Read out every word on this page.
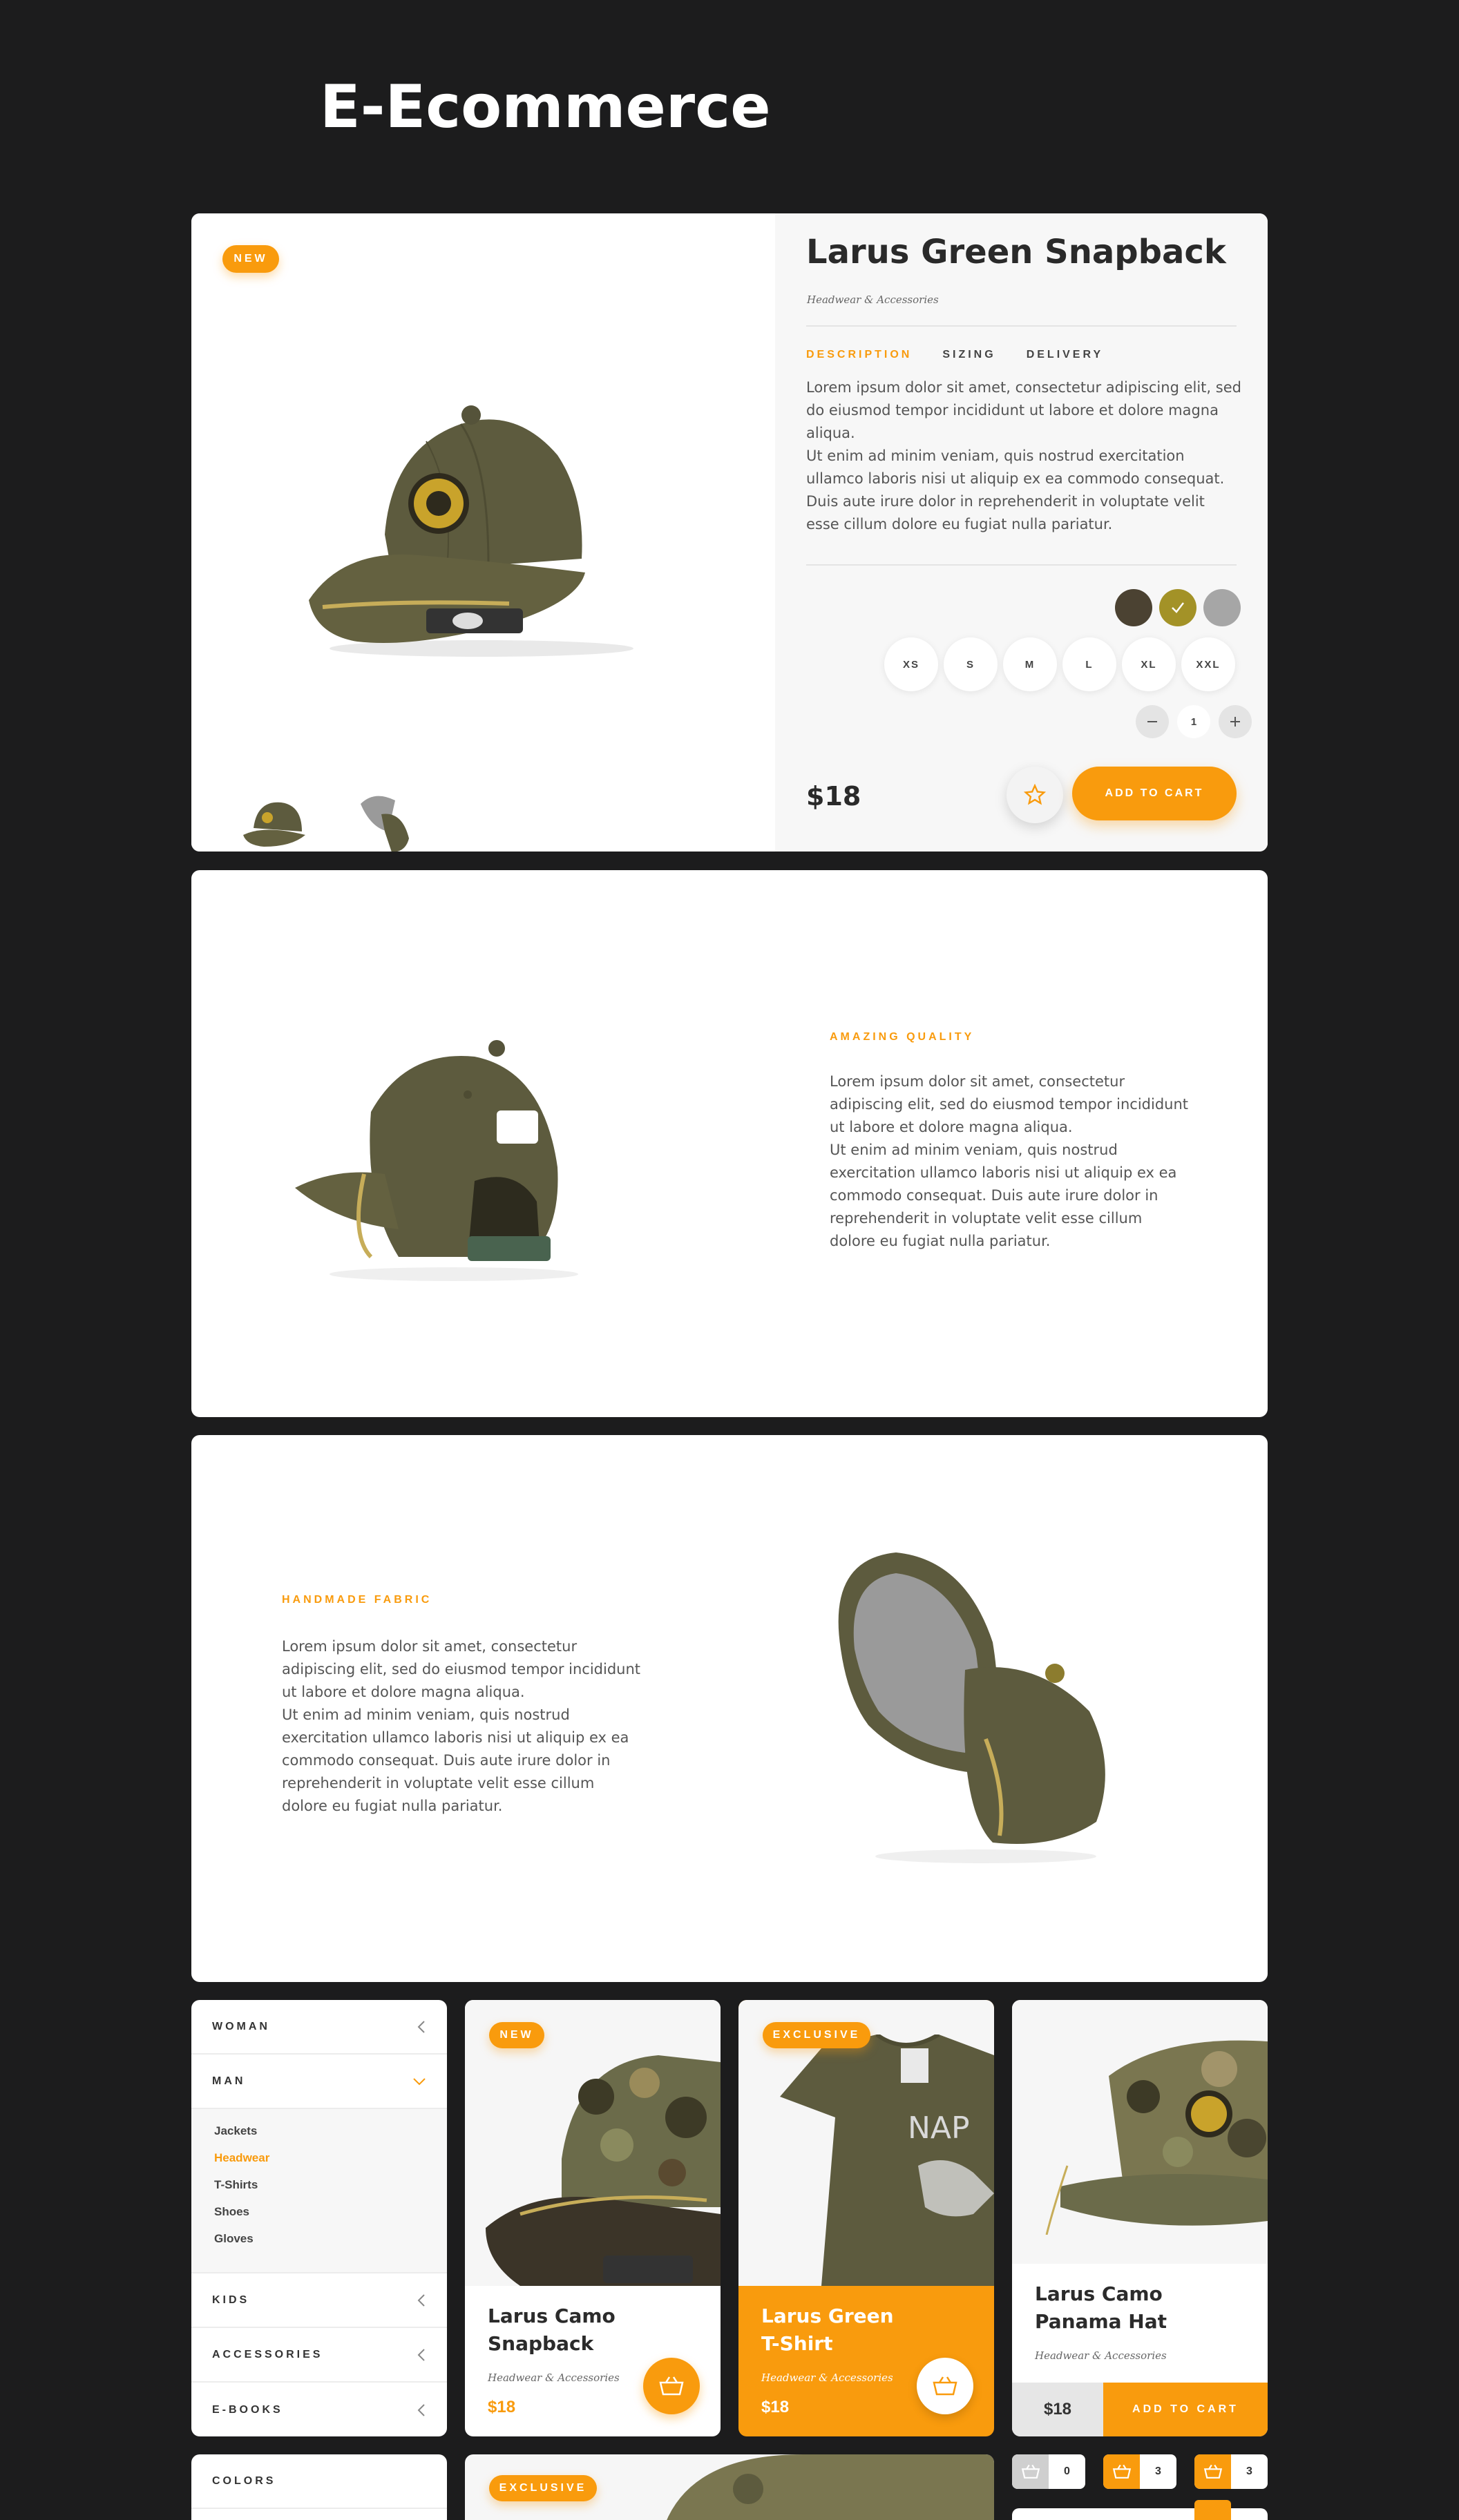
E-Ecommerce
NEW	Larus Green Snapback
Headwear & Accessories
DESCRIPTION	SIZING	DELIVERY
Lorem ipsum dolor sit amet, consectetur adipiscing elit, sed do eiusmod tempor incididunt ut labore et dolore magna aliqua.
Ut enim ad minim veniam, quis nostrud exercitation ullamco laboris nisi ut aliquip ex ea commodo consequat. Duis aute irure dolor in reprehenderit in voluptate velit esse cillum dolore eu fugiat nulla pariatur.
XS	S	M	L	XL	XXL
1
$18	ADD TO CART
AMAZING QUALITY
Lorem ipsum dolor sit amet, consectetur adipiscing elit, sed do eiusmod tempor incididunt ut labore et dolore magna aliqua.
Ut enim ad minim veniam, quis nostrud exercitation ullamco laboris nisi ut aliquip ex ea commodo consequat. Duis aute irure dolor in reprehenderit in voluptate velit esse cillum dolore eu fugiat nulla pariatur.
HANDMADE FABRIC
Lorem ipsum dolor sit amet, consectetur adipiscing elit, sed do eiusmod tempor incididunt ut labore et dolore magna aliqua.
Ut enim ad minim veniam, quis nostrud exercitation ullamco laboris nisi ut aliquip ex ea commodo consequat. Duis aute irure dolor in reprehenderit in voluptate velit esse cillum dolore eu fugiat nulla pariatur.
WOMAN
MAN
Jackets
Headwear
T-Shirts
Shoes
Gloves
KIDS
ACCESSORIES
E-BOOKS
NEW
Larus Camo
Snapback
Headwear & Accessories
$18
NAP
EXCLUSIVE
Larus Green
T-Shirt
Headwear & Accessories
$18
Larus Camo
Panama Hat
Headwear & Accessories
$18	ADD TO CART
COLORS
EXCLUSIVE
0	3	3
